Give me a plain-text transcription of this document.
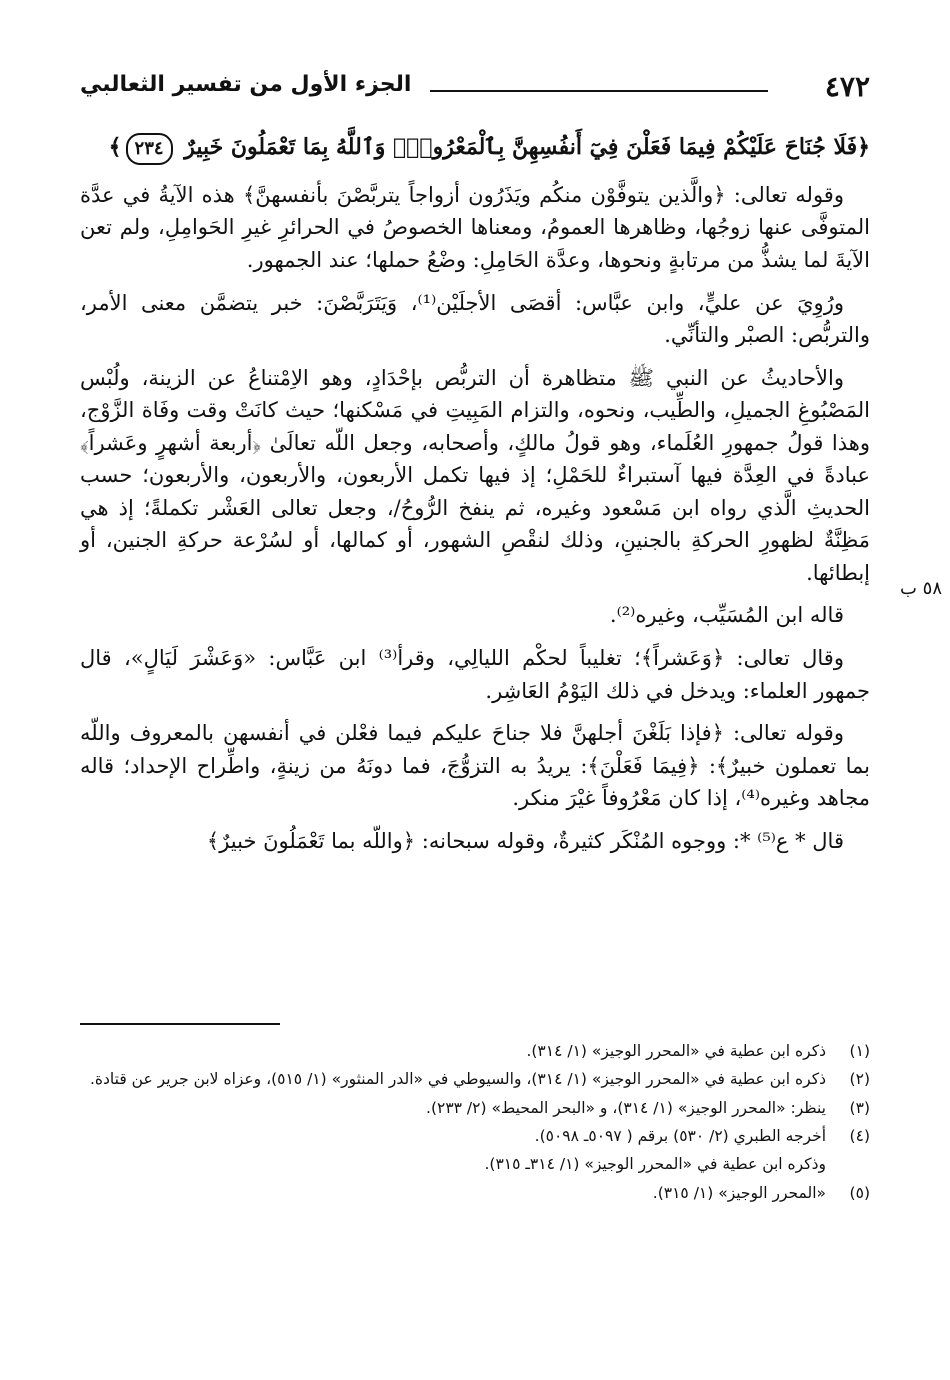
٤٧٢
الجزء الأول من تفسير الثعالبي

﴿فَلَا جُنَاحَ عَلَيْكُمْ فِيمَا فَعَلْنَ فِيٓ أَنفُسِهِنَّ بِٱلْمَعْرُوفِۗ وَٱللَّهُ بِمَا تَعْمَلُونَ خَبِيرٌ ٢٣٤﴾

وقوله تعالى: ﴿والَّذين يتوفَّوْن منكُم ويَذَرُون أزواجاً يتربَّصْنَ بأنفسهنَّ﴾ هذه الآيةُ في عدَّة المتوفَّى عنها زوجُها، وظاهرها العمومُ، ومعناها الخصوصُ في الحرائرِ غيرِ الحَوامِلِ، ولم تعن الآيةَ لما يشذُّ من مرتابةٍ ونحوها، وعدَّة الحَامِلِ: وضْعُ حملها؛ عند الجمهور.

ورُوِيَ عن عليٍّ، وابن عبَّاس: أقصَى الأجلَيْن⁽¹⁾، وَيَتَرَبَّصْنَ: خبر يتضمَّن معنى الأمر، والتربُّص: الصبْر والتأنِّي.

والأحاديثُ عن النبي ﷺ متظاهرة أن التربُّص بإحْدَادٍ، وهو الاِمْتناعُ عن الزينة، ولُبْس المَصْبُوغِ الجميلِ، والطِّيب، ونحوه، والتزام المَبِيتِ في مَسْكنها؛ حيث كانَتْ وقت وفَاة الزَّوْج، وهذا قولُ جمهورِ العُلَماء، وهو قولُ مالكٍ، وأصحابه، وجعل اللّه تعالَىٰ ﴿أربعة أشهرٍ وعَشراً﴾ عبادةً في العِدَّة فيها آستبراءٌ للحَمْلِ؛ إذ فيها تكمل الأربعون، والأربعون، والأربعون؛ حسب الحديثِ الَّذي رواه ابن مَسْعود وغيره، ثم ينفخ الرُّوحُ/، وجعل تعالى العَشْر تكملةً؛ إذ هي مَظِنَّةٌ لظهورِ الحركةِ بالجنينِ، وذلك لنقْصِ الشهور، أو كمالها، أو لسُرْعة حركةِ الجنين، أو إبطائها.

قاله ابن المُسَيِّب، وغيره⁽²⁾.

وقال تعالى: ﴿وَعَشراً﴾؛ تغليباً لحكْم الليالِي، وقرأ⁽³⁾ ابن عَبَّاس: «وَعَشْرَ لَيَالٍ»، قال جمهور العلماء: ويدخل في ذلك اليَوْمُ العَاشِر.

وقوله تعالى: ﴿فإذا بَلَغْنَ أجلهنَّ فلا جناحَ عليكم فيما فعْلن في أنفسهن بالمعروف واللّه بما تعملون خبيرٌ﴾: ﴿فِيمَا فَعَلْنَ﴾: يريدُ به التزوُّجَ، فما دونَهُ من زينةٍ، واطِّراح الإحداد؛ قاله مجاهد وغيره⁽⁴⁾، إذا كان مَعْرُوفاً غيْرَ منكر.

قال * ع⁽⁵⁾ *: ووجوه المُنْكَر كثيرةٌ، وقوله سبحانه: ﴿واللّه بما تَعْمَلُونَ خبيرٌ﴾

٥٨ ب
(١)
ذكره ابن عطية في «المحرر الوجيز» (١/ ٣١٤).
(٢)
ذكره ابن عطية في «المحرر الوجيز» (١/ ٣١٤)، والسيوطي في «الدر المنثور» (١/ ٥١٥)، وعزاه لابن جرير عن قتادة.
(٣)
ينظر: «المحرر الوجيز» (١/ ٣١٤)، و «البحر المحيط» (٢/ ٢٣٣).
(٤)
أخرجه الطبري (٢/ ٥٣٠) برقم ( ٥٠٩٧ـ ٥٠٩٨).
وذكره ابن عطية في «المحرر الوجيز» (١/ ٣١٤ـ ٣١٥).
(٥)
«المحرر الوجيز» (١/ ٣١٥).
